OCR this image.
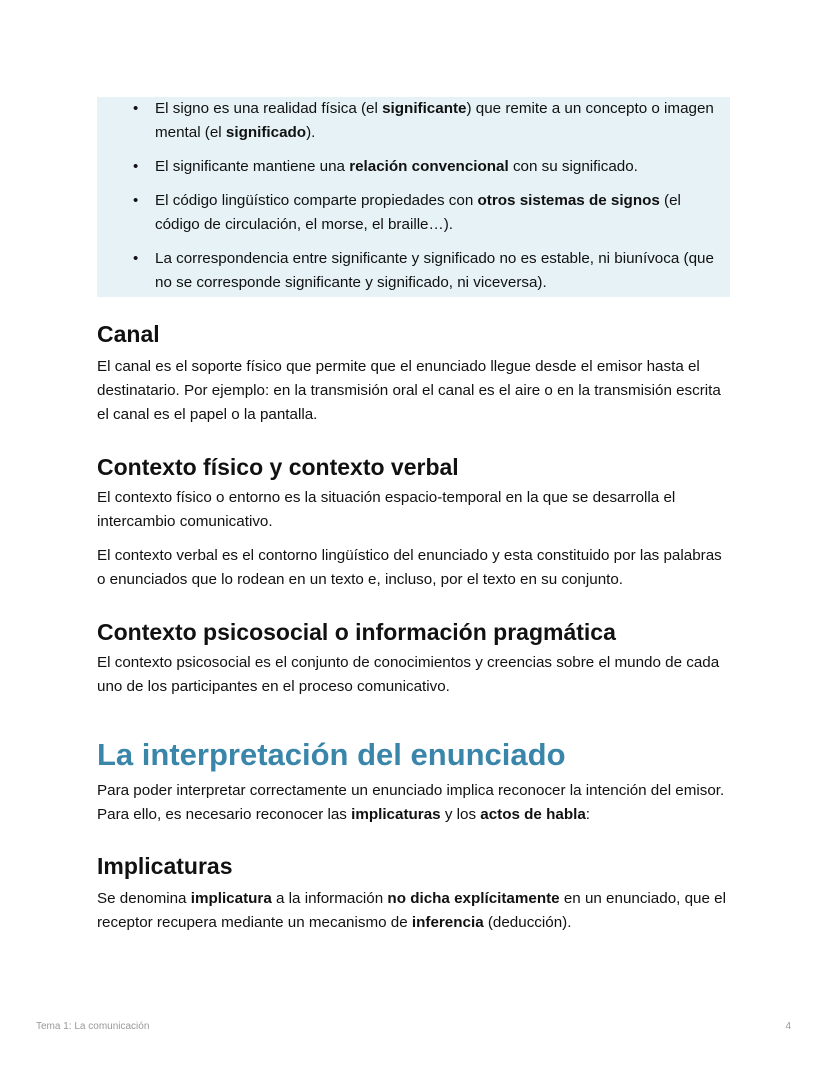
• El signo es una realidad física (el significante) que remite a un concepto o imagen mental (el significado).
• El significante mantiene una relación convencional con su significado.
• El código lingüístico comparte propiedades con otros sistemas de signos (el código de circulación, el morse, el braille…).
• La correspondencia entre significante y significado no es estable, ni biunívoca (que no se corresponde significante y significado, ni viceversa).
Canal

El canal es el soporte físico que permite que el enunciado llegue desde el emisor hasta el destinatario. Por ejemplo: en la transmisión oral el canal es el aire o en la transmisión escrita el canal es el papel o la pantalla.

Contexto físico y contexto verbal

El contexto físico o entorno es la situación espacio-temporal en la que se desarrolla el intercambio comunicativo.

El contexto verbal es el contorno lingüístico del enunciado y esta constituido por las palabras o enunciados que lo rodean en un texto e, incluso, por el texto en su conjunto.

Contexto psicosocial o información pragmática

El contexto psicosocial es el conjunto de conocimientos y creencias sobre el mundo de cada uno de los participantes en el proceso comunicativo.

La interpretación del enunciado

Para poder interpretar correctamente un enunciado implica reconocer la intención del emisor. Para ello, es necesario reconocer las implicaturas y los actos de habla:

Implicaturas

Se denomina implicatura a la información no dicha explícitamente en un enunciado, que el receptor recupera mediante un mecanismo de inferencia (deducción).

Tema 1: La comunicación	4
